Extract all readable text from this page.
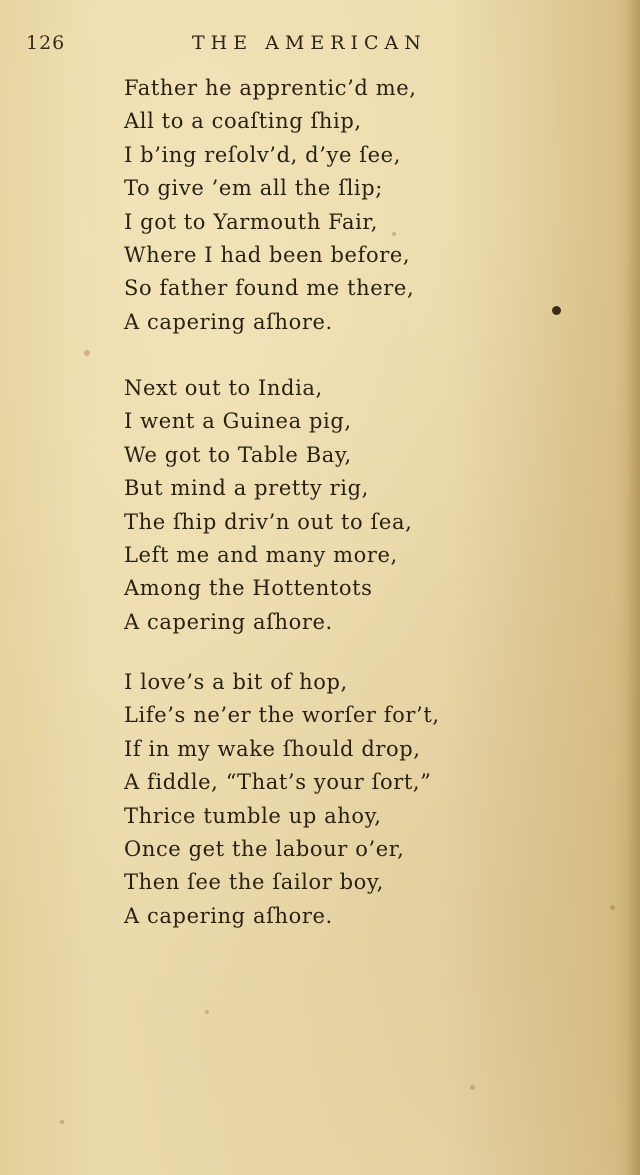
126	THE AMERICAN
Father he apprentic’d me,
All to a coaſting ſhip,
I b’ing reſolv’d, d’ye ſee,
To give ’em all the ſlip;
I got to Yarmouth Fair,
Where I had been before,
So father found me there,
A capering aſhore.
Next out to India,
I went a Guinea pig,
We got to Table Bay,
But mind a pretty rig,
The ſhip driv’n out to ſea,
Left me and many more,
Among the Hottentots
A capering aſhore.
I love’s a bit of hop,
Life’s ne’er the worſer for’t,
If in my wake ſhould drop,
A fiddle, “That’s your ſort,”
Thrice tumble up ahoy,
Once get the labour o’er,
Then ſee the ſailor boy,
A capering aſhore.
